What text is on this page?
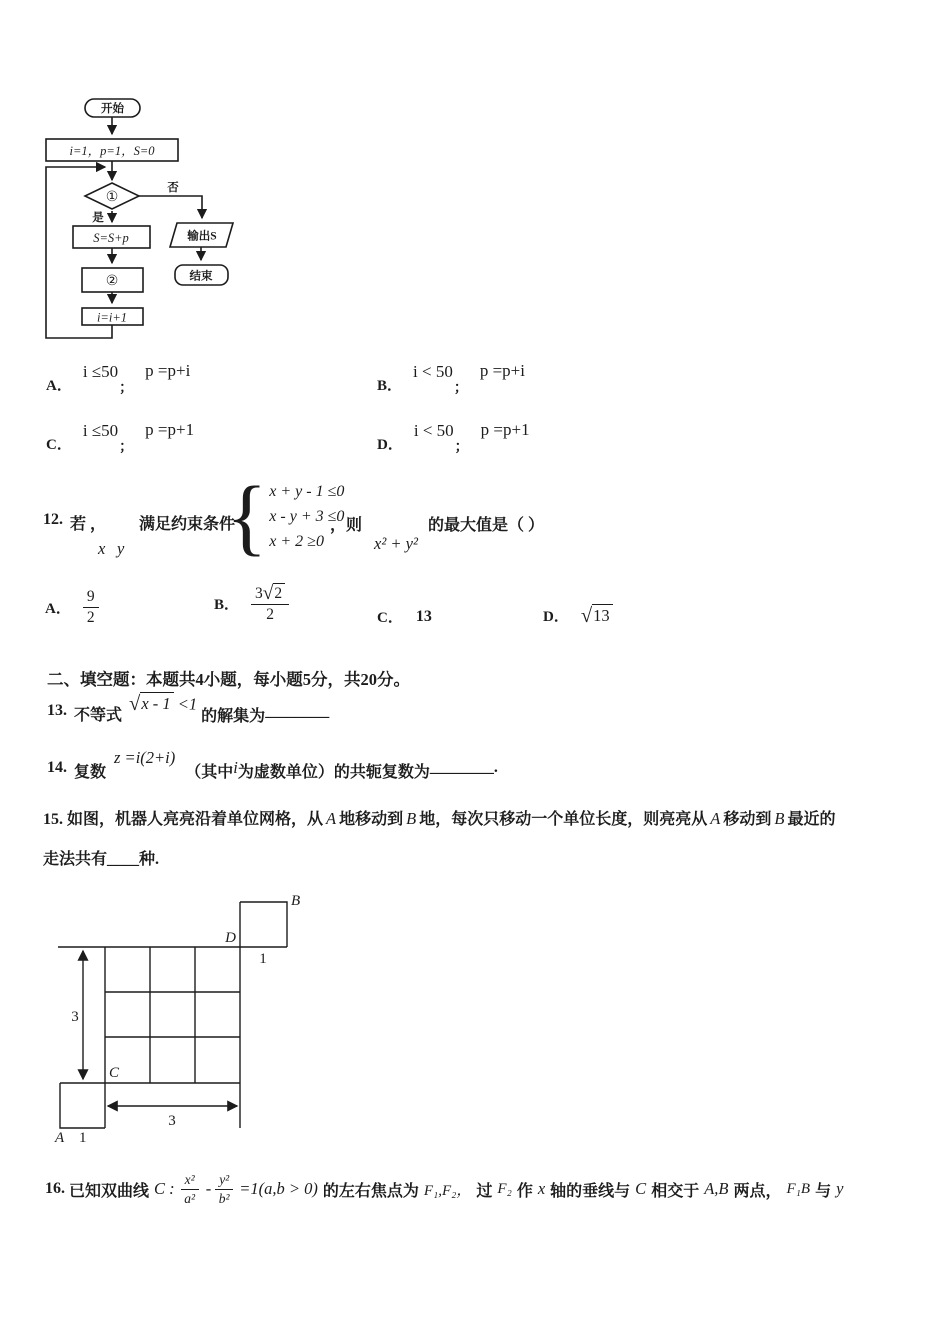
开始
i=1，p=1，S=0
①
否
是
S=S+p
②
i=i+1
输出S
结束
A．
i ≤50
；
p =p+i
B．
i < 50
；
p =p+i
C．
i ≤50
；
p =p+1
D．
i < 50
；
p =p+1
12. 若 ，
x y
满足约束条件
{ x + y - 1 ≤0
x - y + 3 ≤0
x + 2 ≥0
，则
x² + y²
的最大值是（ ）
A． $\frac{9}{2}$	B． $\frac{3 √ 2}{2}$	C． 13	D． √ 13
二、填空题：本题共4小题，每小题5分，共20分。
13. 不等式
√ x - 1 <1
的解集为 ________
14. 复数
z =i(2+i)
（其中 i 为虚数单位）的共轭复数为 ________ .
15. 如图，机器人亮亮沿着单位网格，从 A 地移动到 B 地，每次只移动一个单位长度，则亮亮从 A 移动到 B 最近的
走法共有____种.
B
D
1
3
C
A 1
3
16. 已知双曲线 C : $\frac{\text{x²}}{\text{a²}} - \frac{\text{y²}}{\text{b²}} =1(a,b > 0)$ 的左右焦点为 F₁,F₂， 过 F₂ 作 x 轴的垂线与 C 相交于 A,B 两点， F₁B 与 y
